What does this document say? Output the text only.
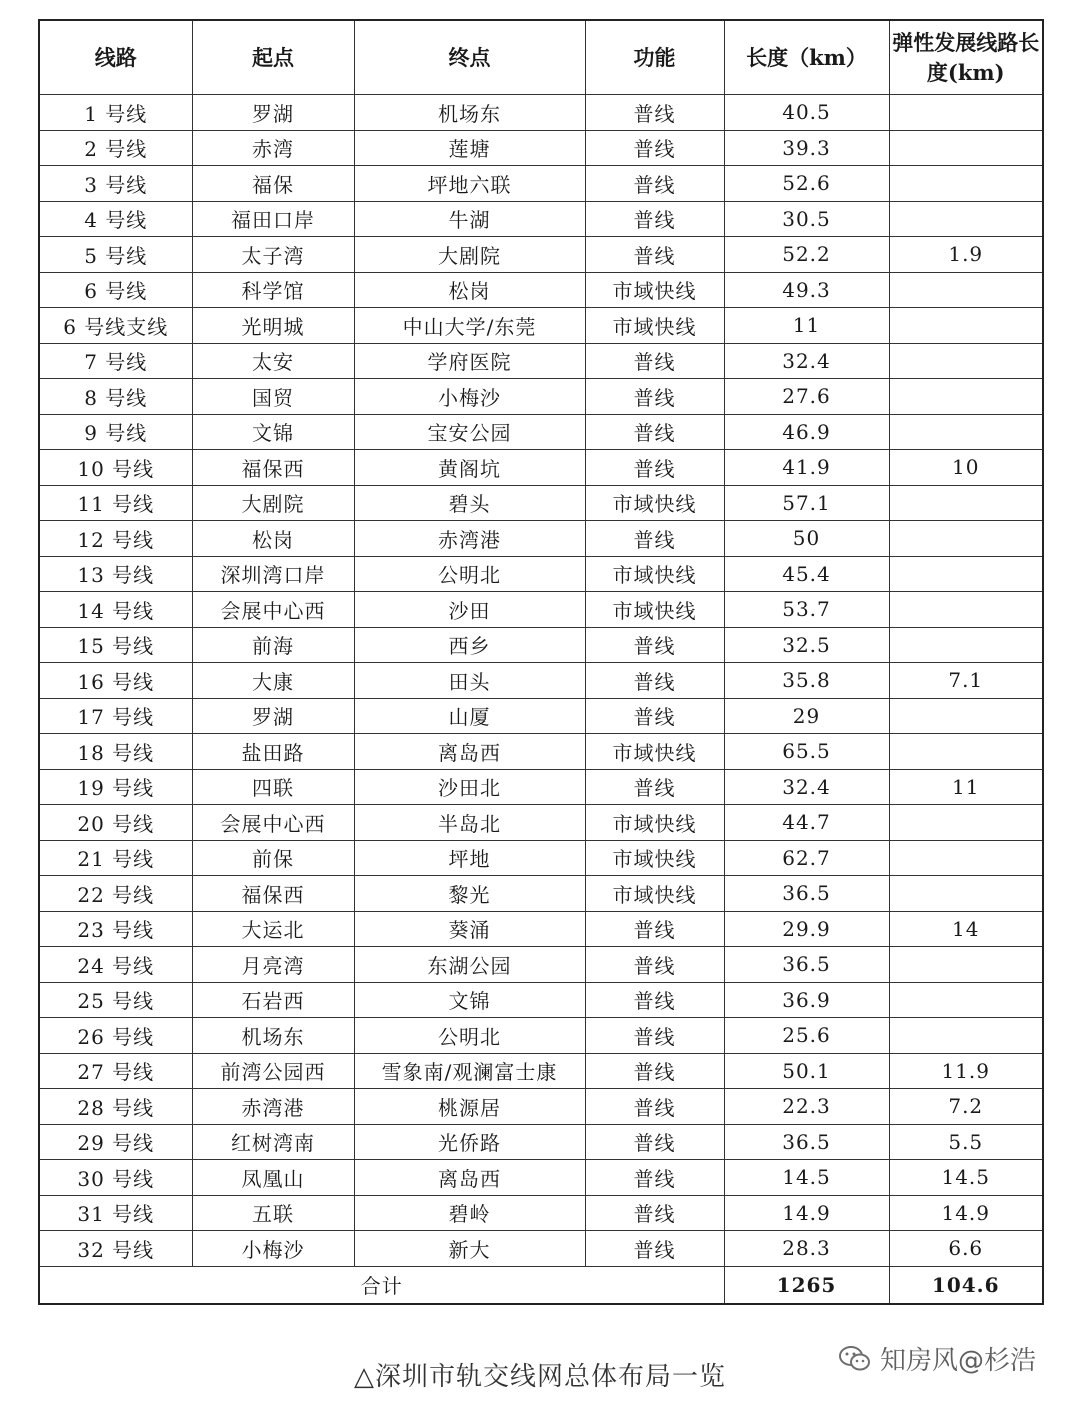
线路	起点	终点	功能	长度（km）	弹性发展线路长度(km)
1 号线	罗湖	机场东	普线	40.5	
2 号线	赤湾	莲塘	普线	39.3	
3 号线	福保	坪地六联	普线	52.6	
4 号线	福田口岸	牛湖	普线	30.5	
5 号线	太子湾	大剧院	普线	52.2	1.9
6 号线	科学馆	松岗	市域快线	49.3	
6 号线支线	光明城	中山大学/东莞	市域快线	11	
7 号线	太安	学府医院	普线	32.4	
8 号线	国贸	小梅沙	普线	27.6	
9 号线	文锦	宝安公园	普线	46.9	
10 号线	福保西	黄阁坑	普线	41.9	10
11 号线	大剧院	碧头	市域快线	57.1	
12 号线	松岗	赤湾港	普线	50	
13 号线	深圳湾口岸	公明北	市域快线	45.4	
14 号线	会展中心西	沙田	市域快线	53.7	
15 号线	前海	西乡	普线	32.5	
16 号线	大康	田头	普线	35.8	7.1
17 号线	罗湖	山厦	普线	29	
18 号线	盐田路	离岛西	市域快线	65.5	
19 号线	四联	沙田北	普线	32.4	11
20 号线	会展中心西	半岛北	市域快线	44.7	
21 号线	前保	坪地	市域快线	62.7	
22 号线	福保西	黎光	市域快线	36.5	
23 号线	大运北	葵涌	普线	29.9	14
24 号线	月亮湾	东湖公园	普线	36.5	
25 号线	石岩西	文锦	普线	36.9	
26 号线	机场东	公明北	普线	25.6	
27 号线	前湾公园西	雪象南/观澜富士康	普线	50.1	11.9
28 号线	赤湾港	桃源居	普线	22.3	7.2
29 号线	红树湾南	光侨路	普线	36.5	5.5
30 号线	凤凰山	离岛西	普线	14.5	14.5
31 号线	五联	碧岭	普线	14.9	14.9
32 号线	小梅沙	新大	普线	28.3	6.6
合计				1265	104.6
△深圳市轨交线网总体布局一览
知房风@杉浩
